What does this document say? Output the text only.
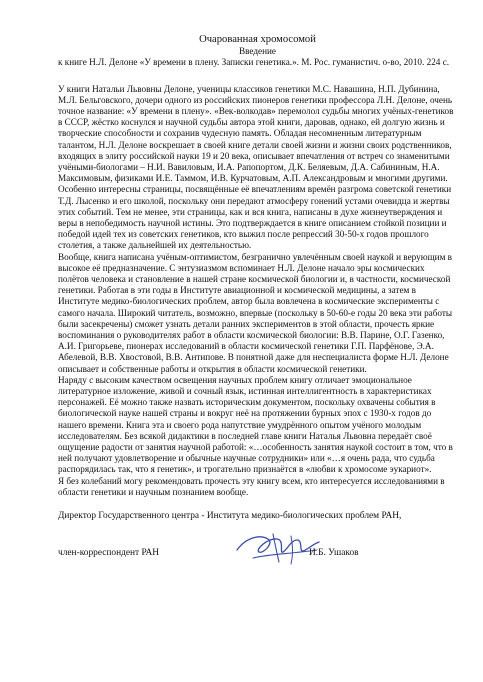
Очарованная хромосомой

Введение

к книге Н.Л. Делоне «У времени в плену. Записки генетика.». М. Рос. гуманистич. о-во, 2010. 224 с.

У книги Натальи Львовны Делоне, ученицы классиков генетики М.С. Навашина, Н.П. Дубинина, М.Л. Бельговского, дочери одного из российских пионеров генетики профессора Л.Н. Делоне, очень точное название: «У времени в плену». «Век-волкодав» перемолол судьбы многих учёных-генетиков в СССР, жёстко коснулся и научной судьбы автора этой книги, даровав, однако, ей долгую жизнь и творческие способности и сохранив чудесную память. Обладая несомненным литературным талантом, Н.Л. Делоне воскрешает в своей книге детали своей жизни и жизни своих родственников, входящих в элиту российской науки 19 и 20 века, описывает впечатления от встреч со знаменитыми учёными-биологами – Н.И. Вавиловым, И.А. Рапопортом, Д.К. Беляевым, Д.А. Сабининым, Н.А. Максимовым, физиками И.Е. Таммом, И.В. Курчатовым, А.П. Александровым и многими другими. Особенно интересны страницы, посвящённые её впечатлениям времён разгрома советской генетики Т.Д. Лысенко и его школой, поскольку они передают атмосферу гонений устами очевидца и жертвы этих событий. Тем не менее, эти страницы, как и вся книга, написаны в духе жизнеутверждения и веры в непобедимость научной истины. Это подтверждается в книге описанием стойкой позиции и победой идей тех из советских генетиков, кто выжил после репрессий 30-50-х годов прошлого столетия, а также дальнейшей их деятельностью.

Вообще, книга написана учёным-оптимистом, безгранично увлечённым своей наукой и верующим в высокое её предназначение. С энтузиазмом вспоминает Н.Л. Делоне начало эры космических полётов человека и становление в нашей стране космической биологии и, в частности, космической генетики. Работая в эти годы в Институте авиационной и космической медицины, а затем в Институте медико-биологических проблем, автор была вовлечена в космические эксперименты с самого начала. Широкий читатель, возможно, впервые (поскольку в 50-60-е годы 20 века эти работы были засекречены) сможет узнать детали ранних экспериментов в этой области, прочесть яркие воспоминания о руководителях работ в области космической биологии: В.В. Парине, О.Г. Газенко, А.И. Григорьеве, пионерах исследований в области космической генетики Г.П. Парфёнове, Э.А. Абелевой, В.В. Хвостовой, В.В. Антипове. В понятной даже для неспециалиста форме Н.Л. Делоне описывает и собственные работы и открытия в области космической генетики.

Наряду с высоким качеством освещения научных проблем книгу отличает эмоциональное литературное изложение, живой и сочный язык, истинная интеллигентность в характеристиках персонажей. Её можно также назвать историческим документом, поскольку охвачены события в биологической науке нашей страны и вокруг неё на протяжении бурных эпох с 1930-х годов до нашего времени. Книга эта и своего рода напутствие умудрённого опытом учёного молодым исследователям. Без всякой дидактики в последней главе книги Наталья Львовна передаёт своё ощущение радости от занятия научной работой: «…особенность занятия наукой состоит в том, что в ней получают удовлетворение и обычные научные сотрудники» или «…я очень рада, что судьба распорядилась так, что я генетик», и трогательно признаётся в «любви к хромосоме эукариот».

Я без колебаний могу рекомендовать прочесть эту книгу всем, кто интересуется исследованиями в области генетики и научным познанием вообще.

Директор Государственного центра - Института медико-биологических проблем РАН,

член-корреспондент РАН	И.Б. Ушаков
